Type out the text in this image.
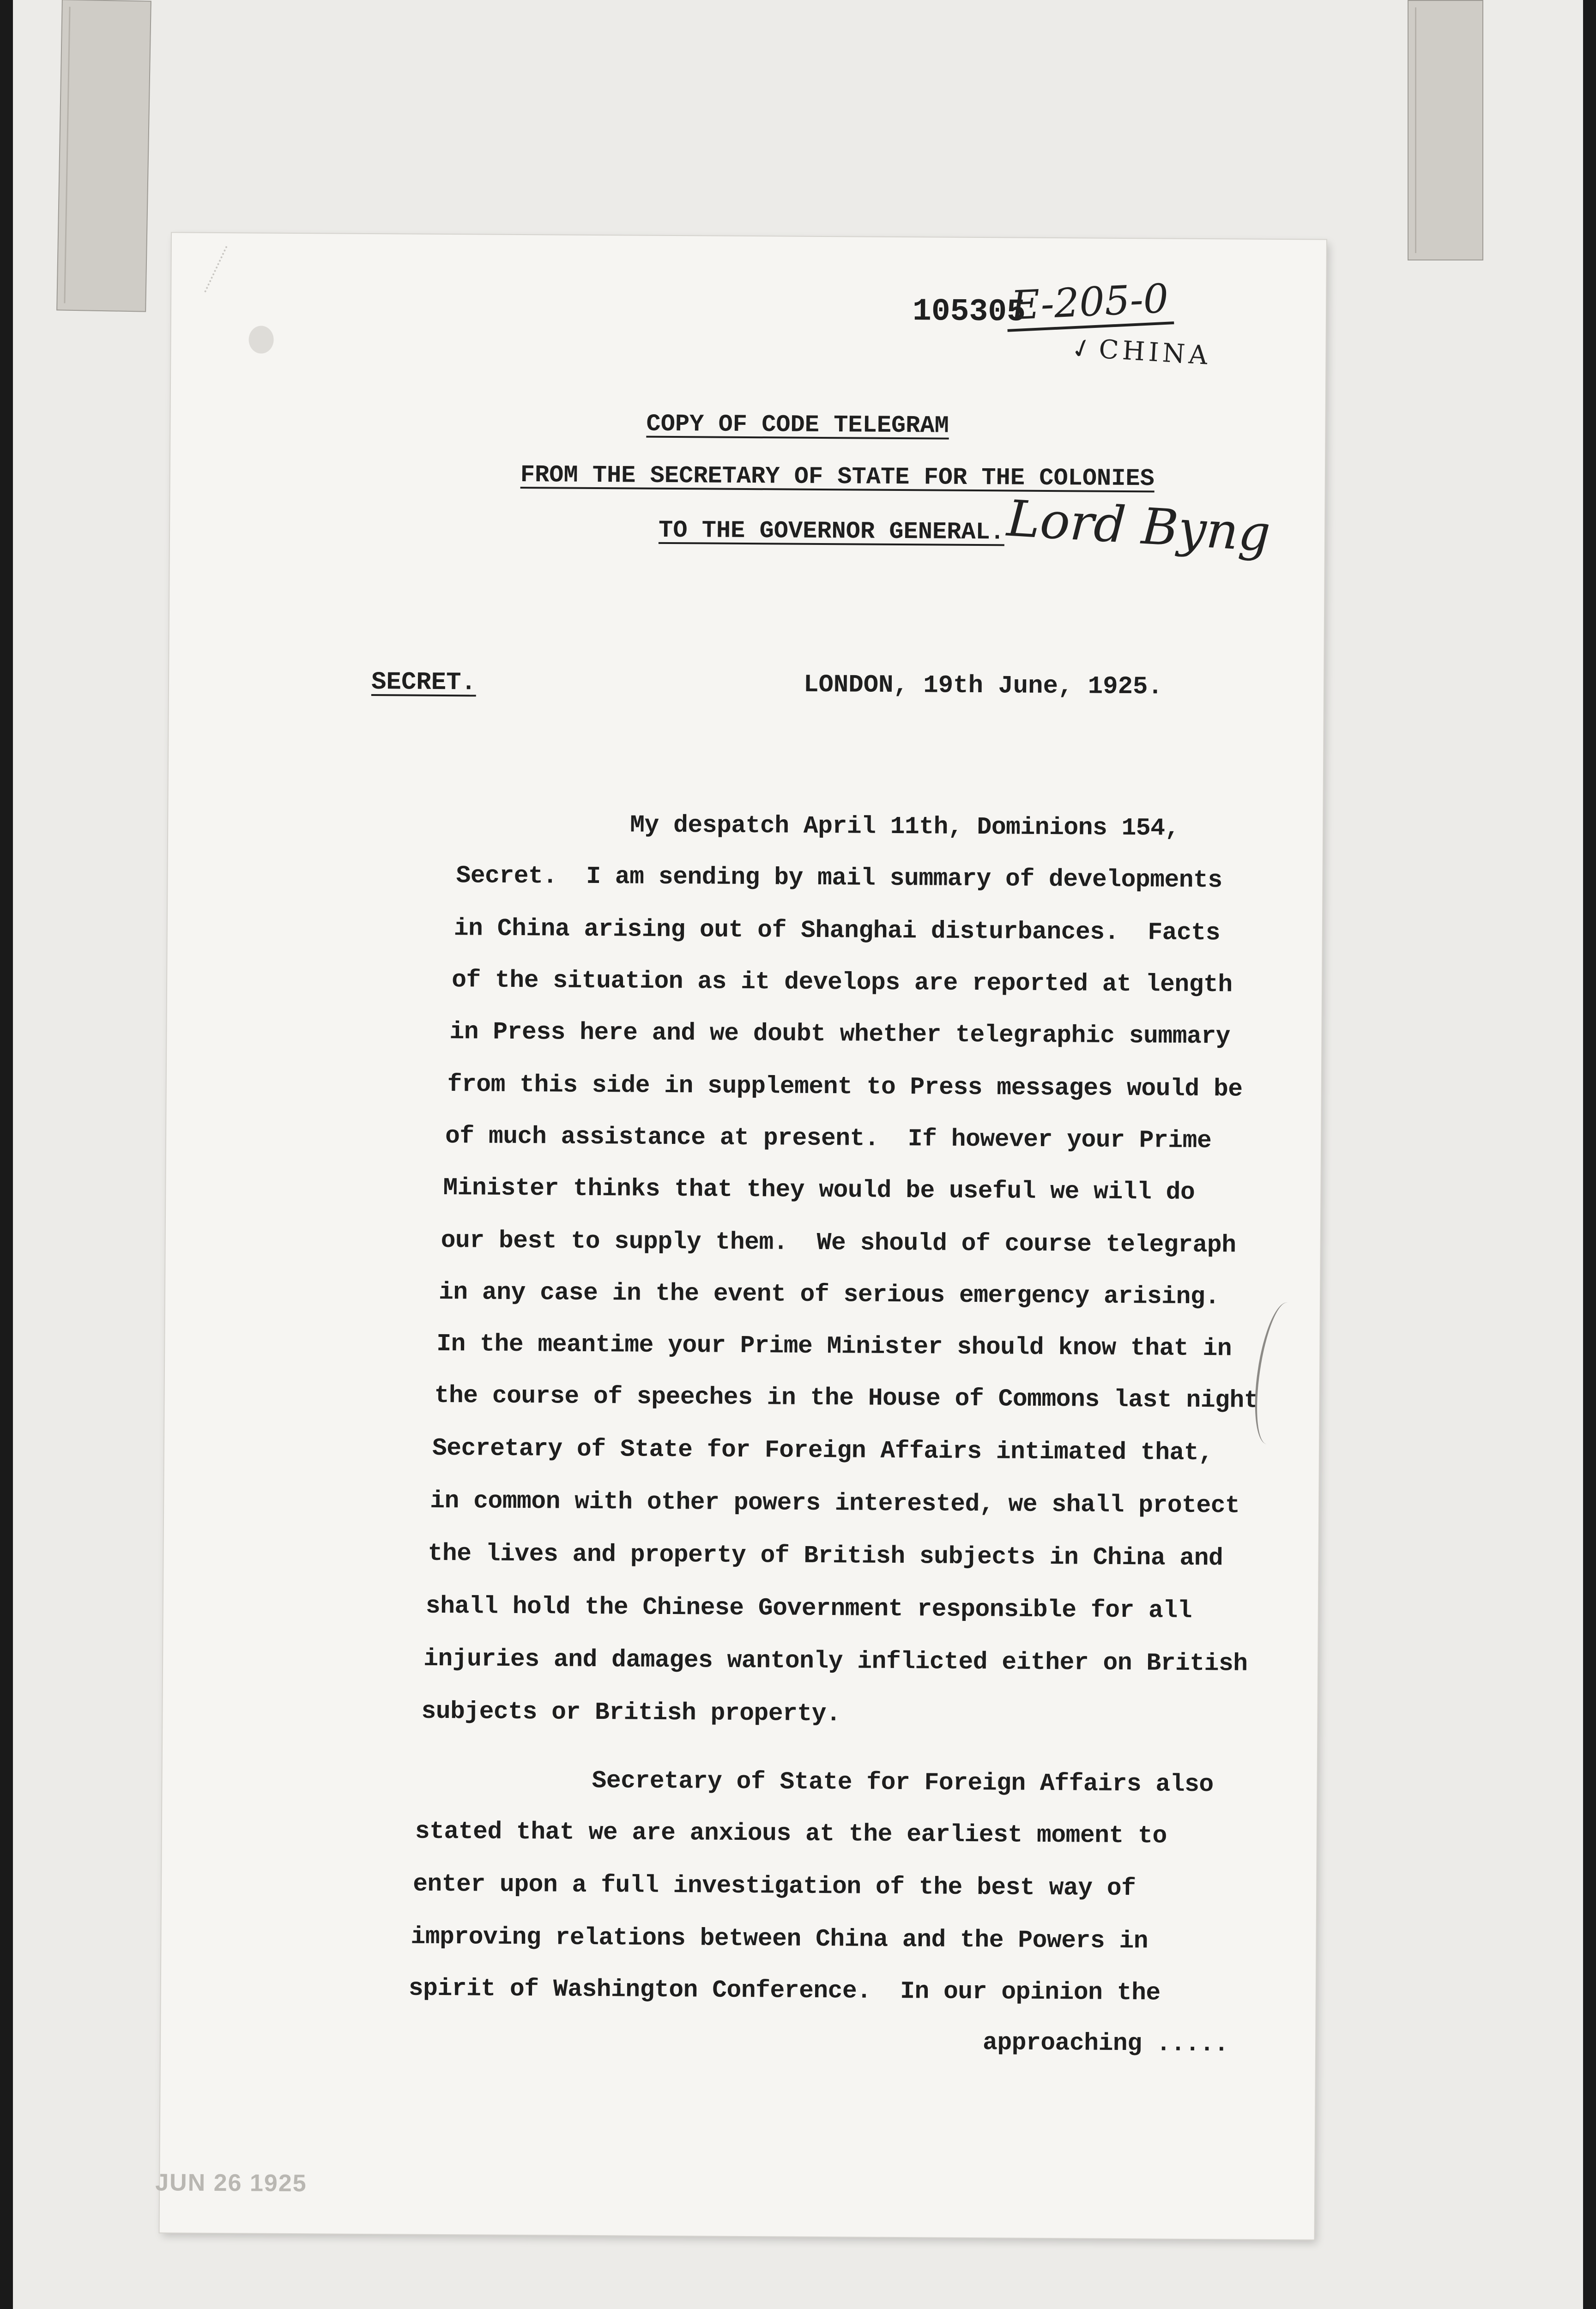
105305
E-205-0
✓CHINA
COPY OF CODE TELEGRAM
FROM THE SECRETARY OF STATE FOR THE COLONIES
TO THE GOVERNOR GENERAL. Lord Byng
SECRET.	LONDON, 19th June, 1925.
My despatch April 11th, Dominions 154,
Secret.  I am sending by mail summary of developments
in China arising out of Shanghai disturbances.  Facts
of the situation as it develops are reported at length
in Press here and we doubt whether telegraphic summary
from this side in supplement to Press messages would be
of much assistance at present.  If however your Prime
Minister thinks that they would be useful we will do
our best to supply them.  We should of course telegraph
in any case in the event of serious emergency arising.
In the meantime your Prime Minister should know that in
the course of speeches in the House of Commons last night
Secretary of State for Foreign Affairs intimated that,
in common with other powers interested, we shall protect
the lives and property of British subjects in China and
shall hold the Chinese Government responsible for all
injuries and damages wantonly inflicted either on British
subjects or British property.
Secretary of State for Foreign Affairs also
stated that we are anxious at the earliest moment to
enter upon a full investigation of the best way of
improving relations between China and the Powers in
spirit of Washington Conference.  In our opinion the
approaching .....
JUN 26 1925
